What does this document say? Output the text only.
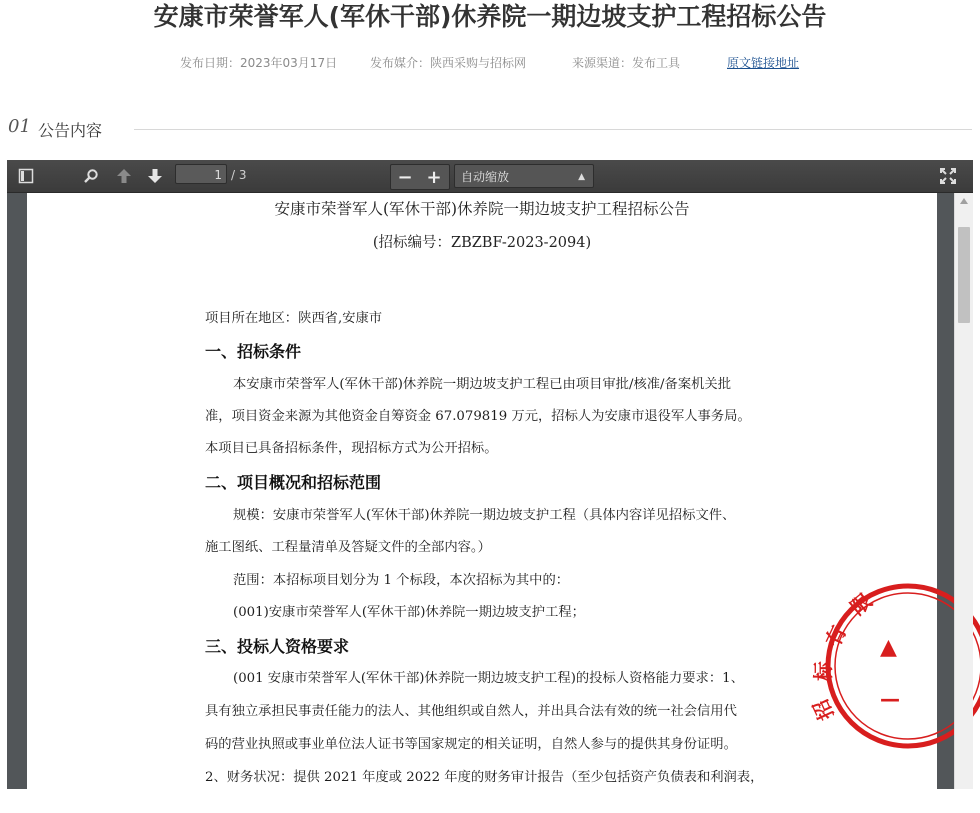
安康市荣誉军人(军休干部)休养院一期边坡支护工程招标公告
发布日期：2023年03月17日	发布媒介：陕西采购与招标网	来源渠道：发布工具	原文链接地址
01 公告内容
1 / 3	− +	自动缩放	▲

安康市荣誉军人(军休干部)休养院一期边坡支护工程招标公告
(招标编号：ZBZBF-2023-2094)
项目所在地区：陕西省,安康市
一、招标条件
本安康市荣誉军人(军休干部)休养院一期边坡支护工程已由项目审批/核准/备案机关批
准，项目资金来源为其他资金自筹资金 67.079819 万元，招标人为安康市退役军人事务局。
本项目已具备招标条件，现招标方式为公开招标。
二、项目概况和招标范围
规模：安康市荣誉军人(军休干部)休养院一期边坡支护工程（具体内容详见招标文件、
施工图纸、工程量清单及答疑文件的全部内容。）
范围：本招标项目划分为 1 个标段，本次招标为其中的：
(001)安康市荣誉军人(军休干部)休养院一期边坡支护工程；
三、投标人资格要求
(001 安康市荣誉军人(军休干部)休养院一期边坡支护工程)的投标人资格能力要求：1、
具有独立承担民事责任能力的法人、其他组织或自然人，并出具合法有效的统一社会信用代
码的营业执照或事业单位法人证书等国家规定的相关证明，自然人参与的提供其身份证明。
2、财务状况：提供 2021 年度或 2022 年度的财务审计报告（至少包括资产负债表和利润表，
限
有
标
招
▲
—
